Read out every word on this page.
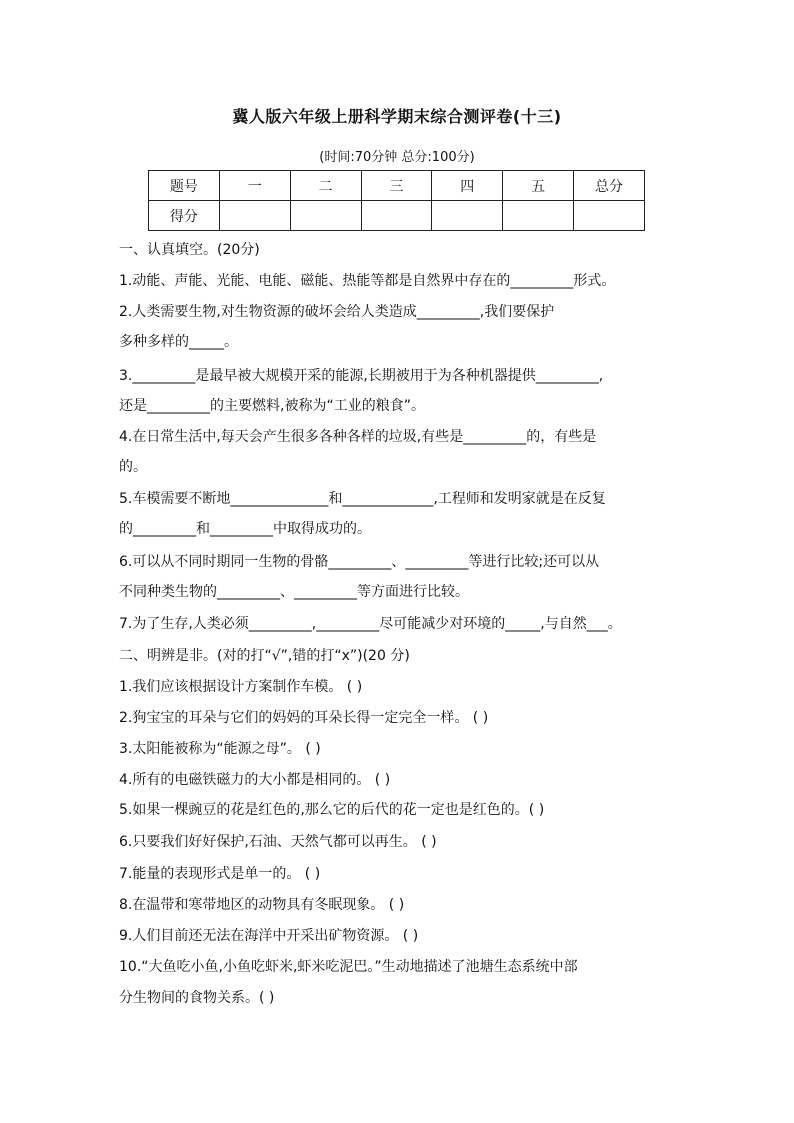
冀人版六年级上册科学期末综合测评卷(十三)
(时间:70分钟 总分:100分)
题号	一	二	三	四	五	总分
得分						
一、认真填空。(20分)
1.动能、声能、光能、电能、磁能、热能等都是自然界中存在的_________形式。
2.人类需要生物,对生物资源的破坏会给人类造成_________,我们要保护
多种多样的_____。
3._________是最早被大规模开采的能源,长期被用于为各种机器提供_________,
还是_________的主要燃料,被称为“工业的粮食”。
4.在日常生活中,每天会产生很多各种各样的垃圾,有些是_________的，有些是
的。
5.车模需要不断地______________和_____________,工程师和发明家就是在反复
的_________和_________中取得成功的。
6.可以从不同时期同一生物的骨骼_________、_________等进行比较;还可以从
不同种类生物的_________、_________等方面进行比较。
7.为了生存,人类必须_________,_________尽可能减少对环境的_____,与自然___。
二、明辨是非。(对的打“√”,错的打“x”)(20 分)
1.我们应该根据设计方案制作车模。 ( )
2.狗宝宝的耳朵与它们的妈妈的耳朵长得一定完全一样。 ( )
3.太阳能被称为“能源之母”。 ( )
4.所有的电磁铁磁力的大小都是相同的。 ( )
5.如果一棵豌豆的花是红色的,那么它的后代的花一定也是红色的。( )
6.只要我们好好保护,石油、天然气都可以再生。 ( )
7.能量的表现形式是单一的。 ( )
8.在温带和寒带地区的动物具有冬眠现象。 ( )
9.人们目前还无法在海洋中开采出矿物资源。 ( )
10.“大鱼吃小鱼,小鱼吃虾米,虾米吃泥巴。”生动地描述了池塘生态系统中部
分生物间的食物关系。( )
